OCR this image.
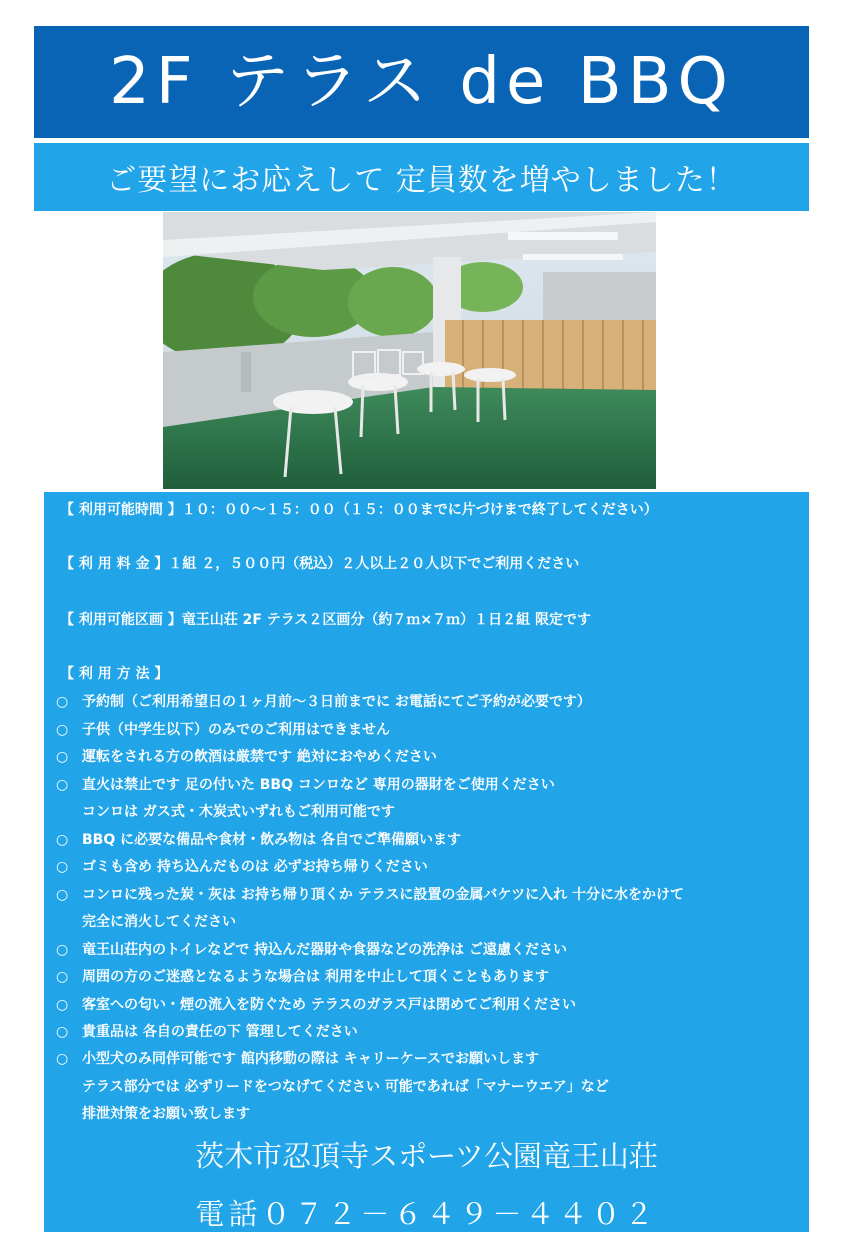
2F テラス de BBQ
ご要望にお応えして 定員数を増やしました！
【 利用可能時間 】１０：００～１５：００（１５：００までに片づけまで終了してください）
【 利 用 料 金 】１組 ２，５００円（税込）２人以上２０人以下でご利用ください
【 利用可能区画 】竜王山荘 2F テラス２区画分（約７ｍ×７ｍ）１日２組 限定です
【 利 用 方 法 】
○ 予約制（ご利用希望日の１ヶ月前～３日前までに お電話にてご予約が必要です）
○ 子供（中学生以下）のみでのご利用はできません
○ 運転をされる方の飲酒は厳禁です 絶対におやめください
○ 直火は禁止です 足の付いた BBQ コンロなど 専用の器財をご使用ください
コンロは ガス式・木炭式いずれもご利用可能です
○ BBQ に必要な備品や食材・飲み物は 各自でご準備願います
○ ゴミも含め 持ち込んだものは 必ずお持ち帰りください
○ コンロに残った炭・灰は お持ち帰り頂くか テラスに設置の金属バケツに入れ 十分に水をかけて
完全に消火してください
○ 竜王山荘内のトイレなどで 持込んだ器財や食器などの洗浄は ご遠慮ください
○ 周囲の方のご迷惑となるような場合は 利用を中止して頂くこともあります
○ 客室への匂い・煙の流入を防ぐため テラスのガラス戸は閉めてご利用ください
○ 貴重品は 各自の責任の下 管理してください
○ 小型犬のみ同伴可能です 館内移動の際は キャリーケースでお願いします
テラス部分では 必ずリードをつなげてください 可能であれば「マナーウエア」など
排泄対策をお願い致します
茨木市忍頂寺スポーツ公園竜王山荘
電話０７２－６４９－４４０２
